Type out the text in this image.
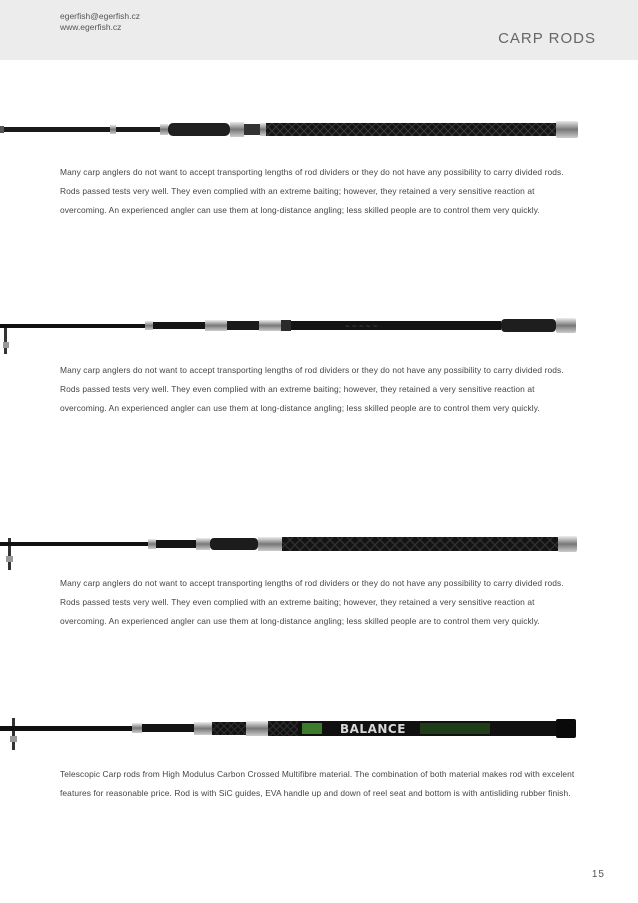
egerfish@egerfish.cz
www.egerfish.cz
CARP RODS
Many carp anglers do not want to accept transporting lengths of rod dividers or they do not have any possibility to carry divided rods. Rods passed tests very well. They even complied with an extreme baiting; however, they retained a very sensitive reaction at overcoming. An experienced angler can use them at long-distance angling; less skilled people are to control them very quickly.
~ ~ ~ ~ ~
Many carp anglers do not want to accept transporting lengths of rod dividers or they do not have any possibility to carry divided rods. Rods passed tests very well. They even complied with an extreme baiting; however, they retained a very sensitive reaction at overcoming. An experienced angler can use them at long-distance angling; less skilled people are to control them very quickly.
Many carp anglers do not want to accept transporting lengths of rod dividers or they do not have any possibility to carry divided rods. Rods passed tests very well. They even complied with an extreme baiting; however, they retained a very sensitive reaction at overcoming. An experienced angler can use them at long-distance angling; less skilled people are to control them very quickly.
BALANCE
Telescopic Carp rods from High Modulus Carbon Crossed Multifibre material. The combination of both material makes rod with excelent features for reasonable price. Rod is with SiC guides, EVA handle up and down of reel seat and bottom is with antisliding rubber finish.
15
